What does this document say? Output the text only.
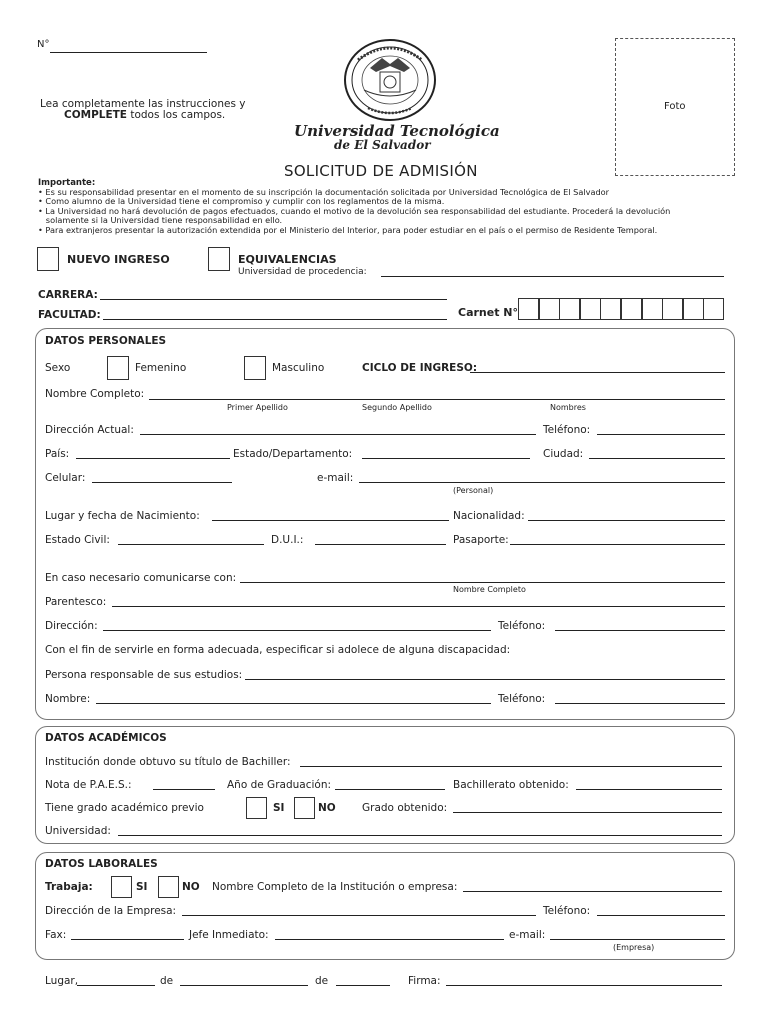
N°
Lea completamente las instrucciones y
COMPLETE todos los campos.
Universidad Tecnológica
de El Salvador
Foto
SOLICITUD DE ADMISIÓN
Importante:
• Es su responsabilidad presentar en el momento de su inscripción la documentación solicitada por Universidad Tecnológica de El Salvador
• Como alumno de la Universidad tiene el compromiso y cumplir con los reglamentos de la misma.
• La Universidad no hará devolución de pagos efectuados, cuando el motivo de la devolución sea responsabilidad del estudiante. Procederá la devolución
solamente si la Universidad tiene responsabilidad en ello.
• Para extranjeros presentar la autorización extendida por el Ministerio del Interior, para poder estudiar en el país o el permiso de Residente Temporal.
NUEVO INGRESO	EQUIVALENCIAS
Universidad de procedencia:
CARRERA:
FACULTAD:	Carnet N°
DATOS PERSONALES
Sexo	Femenino	Masculino	CICLO DE INGRESO:
Nombre Completo:
Primer Apellido	Segundo Apellido	Nombres
Dirección Actual:	Teléfono:
País:	Estado/Departamento:	Ciudad:
Celular:	e-mail:
(Personal)
Lugar y fecha de Nacimiento:	Nacionalidad:
Estado Civil:	D.U.I.:	Pasaporte:
En caso necesario comunicarse con:
Nombre Completo
Parentesco:
Dirección:	Teléfono:
Con el fin de servirle en forma adecuada, especificar si adolece de alguna discapacidad:
Persona responsable de sus estudios:
Nombre:	Teléfono:
DATOS ACADÉMICOS
Institución donde obtuvo su título de Bachiller:
Nota de P.A.E.S.:	Año de Graduación:	Bachillerato obtenido:
Tiene grado académico previo	SI	NO	Grado obtenido:
Universidad:
DATOS LABORALES
Trabaja:	SI	NO Nombre Completo de la Institución o empresa:
Dirección de la Empresa:	Teléfono:
Fax:	Jefe Inmediato:	e-mail:
(Empresa)
Lugar,	de	de	Firma:
